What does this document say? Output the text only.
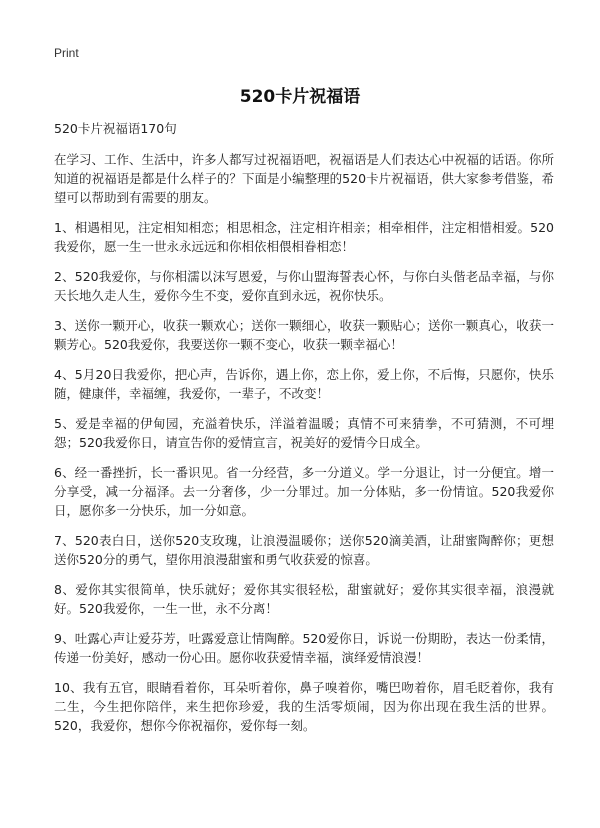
Print
520卡片祝福语

520卡片祝福语170句

在学习、工作、生活中，许多人都写过祝福语吧，祝福语是人们表达心中祝福的话语。你所知道的祝福语是都是什么样子的？下面是小编整理的520卡片祝福语，供大家参考借鉴，希望可以帮助到有需要的朋友。

1、相遇相见，注定相知相恋；相思相念，注定相许相亲；相牵相伴，注定相惜相爱。520我爱你，愿一生一世永永远远和你相依相偎相眷相恋！

2、520我爱你，与你相濡以沫写恩爱，与你山盟海誓表心怀，与你白头偕老品幸福，与你天长地久走人生，爱你今生不变，爱你直到永远，祝你快乐。

3、送你一颗开心，收获一颗欢心；送你一颗细心，收获一颗贴心；送你一颗真心，收获一颗芳心。520我爱你，我要送你一颗不变心，收获一颗幸福心！

4、5月20日我爱你，把心声，告诉你，遇上你，恋上你，爱上你，不后悔，只愿你，快乐随，健康伴，幸福缠，我爱你，一辈子，不改变！

5、爱是幸福的伊甸园，充溢着快乐，洋溢着温暖；真情不可来猜拳，不可猜测，不可埋怨；520我爱你日，请宣告你的爱情宣言，祝美好的爱情今日成全。

6、经一番挫折，长一番识见。省一分经营，多一分道义。学一分退让，讨一分便宜。增一分享受，减一分福泽。去一分奢侈，少一分罪过。加一分体贴，多一份情谊。520我爱你日，愿你多一分快乐，加一分如意。

7、520表白日，送你520支玫瑰，让浪漫温暖你；送你520滴美酒，让甜蜜陶醉你；更想送你520分的勇气，望你用浪漫甜蜜和勇气收获爱的惊喜。

8、爱你其实很简单，快乐就好；爱你其实很轻松，甜蜜就好；爱你其实很幸福，浪漫就好。520我爱你，一生一世，永不分离！

9、吐露心声让爱芬芳，吐露爱意让情陶醉。520爱你日，诉说一份期盼，表达一份柔情，传递一份美好，感动一份心田。愿你收获爱情幸福，演绎爱情浪漫！

10、我有五官，眼睛看着你，耳朵听着你，鼻子嗅着你，嘴巴吻着你，眉毛眨着你，我有二生，今生把你陪伴，来生把你珍爱，我的生活零烦闹，因为你出现在我生活的世界。520，我爱你，想你今你祝福你，爱你每一刻。
